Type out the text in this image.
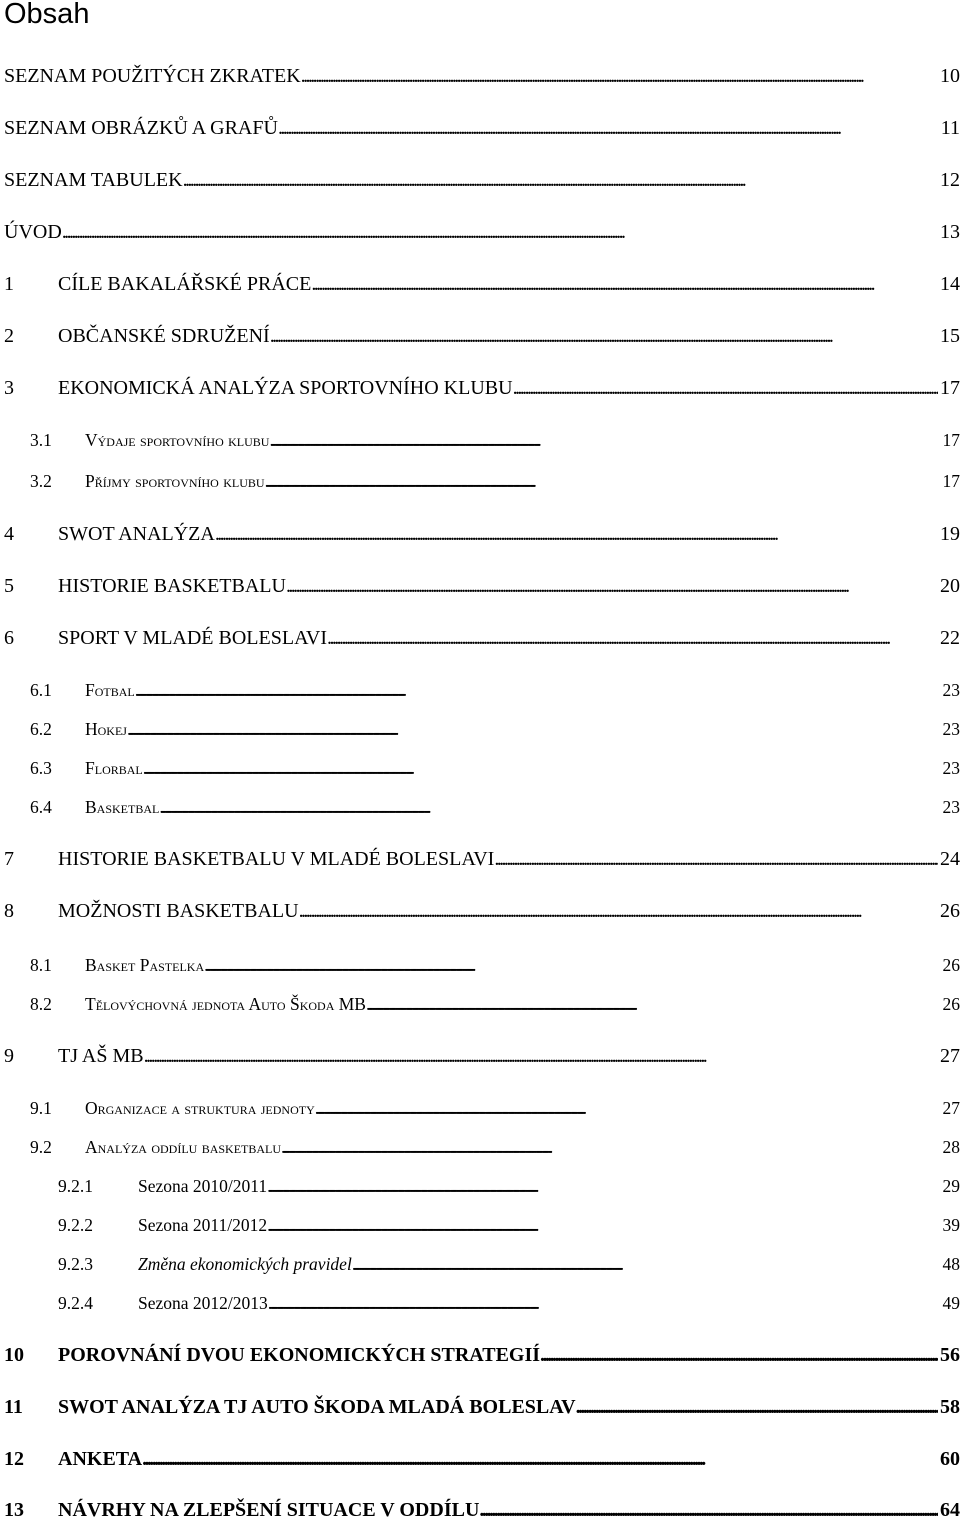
Obsah
SEZNAM POUŽITÝCH ZKRATEK . . .	10
SEZNAM OBRÁZKŮ A GRAFŮ . . .	11
SEZNAM TABULEK . . .	12
ÚVOD . . .	13
1 CÍLE BAKALÁŘSKÉ PRÁCE . . .	14
2 OBČANSKÉ SDRUŽENÍ . . .	15
3 EKONOMICKÁ ANALÝZA SPORTOVNÍHO KLUBU . . .	17
3.1 Výdaje sportovního klubu . . .	17
3.2 Příjmy sportovního klubu . . .	17
4 SWOT ANALÝZA . . .	19
5 HISTORIE BASKETBALU . . .	20
6 SPORT V MLADÉ BOLESLAVI . . .	22
6.1 Fotbal . . .	23
6.2 Hokej . . .	23
6.3 Florbal . . .	23
6.4 Basketbal . . .	23
7 HISTORIE BASKETBALU V MLADÉ BOLESLAVI . . .	24
8 MOŽNOSTI BASKETBALU . . .	26
8.1 Basket Pastelka . . .	26
8.2 Tělovýchovná jednota Auto Škoda MB . . .	26
9 TJ AŠ MB . . .	27
9.1 Organizace a struktura jednoty . . .	27
9.2 Analýza oddílu basketbalu . . .	28
9.2.1	Sezona 2010/2011 . . .	29
9.2.2	Sezona 2011/2012 . . .	39
9.2.3	Změna ekonomických pravidel . . .	48
9.2.4	Sezona 2012/2013 . . .	49
10 POROVNÁNÍ DVOU EKONOMICKÝCH STRATEGIÍ . . .	56
11 SWOT ANALÝZA TJ AUTO ŠKODA MLADÁ BOLESLAV . . .	58
12 ANKETA . . .	60
13 NÁVRHY NA ZLEPŠENÍ SITUACE V ODDÍLU . . .	64
